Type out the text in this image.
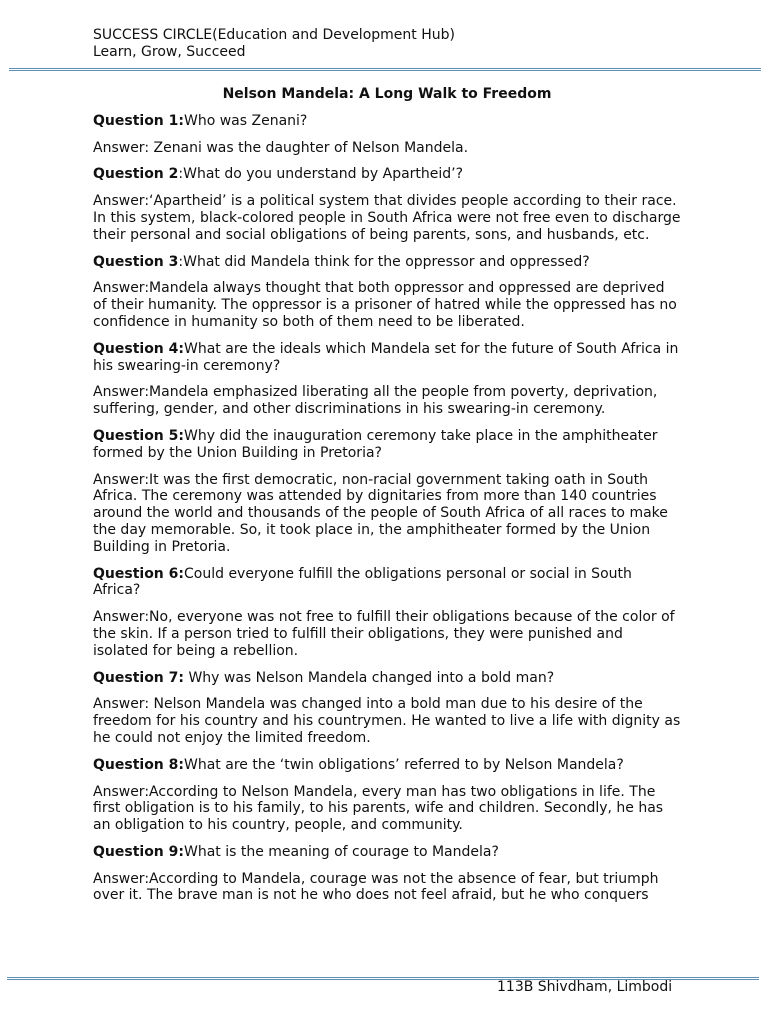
SUCCESS CIRCLE(Education and Development Hub)
Learn, Grow, Succeed
Nelson Mandela: A Long Walk to Freedom

Question 1:Who was Zenani?

Answer: Zenani was the daughter of Nelson Mandela.

Question 2:What do you understand by Apartheid’?

Answer:‘Apartheid’ is a political system that divides people according to their race. In this system, black-colored people in South Africa were not free even to discharge their personal and social obligations of being parents, sons, and husbands, etc.

Question 3:What did Mandela think for the oppressor and oppressed?

Answer:Mandela always thought that both oppressor and oppressed are deprived of their humanity. The oppressor is a prisoner of hatred while the oppressed has no confidence in humanity so both of them need to be liberated.

Question 4:What are the ideals which Mandela set for the future of South Africa in his swearing-in ceremony?

Answer:Mandela emphasized liberating all the people from poverty, deprivation, suffering, gender, and other discriminations in his swearing-in ceremony.

Question 5:Why did the inauguration ceremony take place in the amphitheater formed by the Union Building in Pretoria?

Answer:It was the first democratic, non-racial government taking oath in South Africa. The ceremony was attended by dignitaries from more than 140 countries around the world and thousands of the people of South Africa of all races to make the day memorable. So, it took place in, the amphitheater formed by the Union Building in Pretoria.

Question 6:Could everyone fulfill the obligations personal or social in South Africa?

Answer:No, everyone was not free to fulfill their obligations because of the color of the skin. If a person tried to fulfill their obligations, they were punished and isolated for being a rebellion.

Question 7: Why was Nelson Mandela changed into a bold man?

Answer: Nelson Mandela was changed into a bold man due to his desire of the freedom for his country and his countrymen. He wanted to live a life with dignity as he could not enjoy the limited freedom.

Question 8:What are the ‘twin obligations’ referred to by Nelson Mandela?

Answer:According to Nelson Mandela, every man has two obligations in life. The first obligation is to his family, to his parents, wife and children. Secondly, he has an obligation to his country, people, and community.

Question 9:What is the meaning of courage to Mandela?

Answer:According to Mandela, courage was not the absence of fear, but triumph over it. The brave man is not he who does not feel afraid, but he who conquers

113B Shivdham, Limbodi
